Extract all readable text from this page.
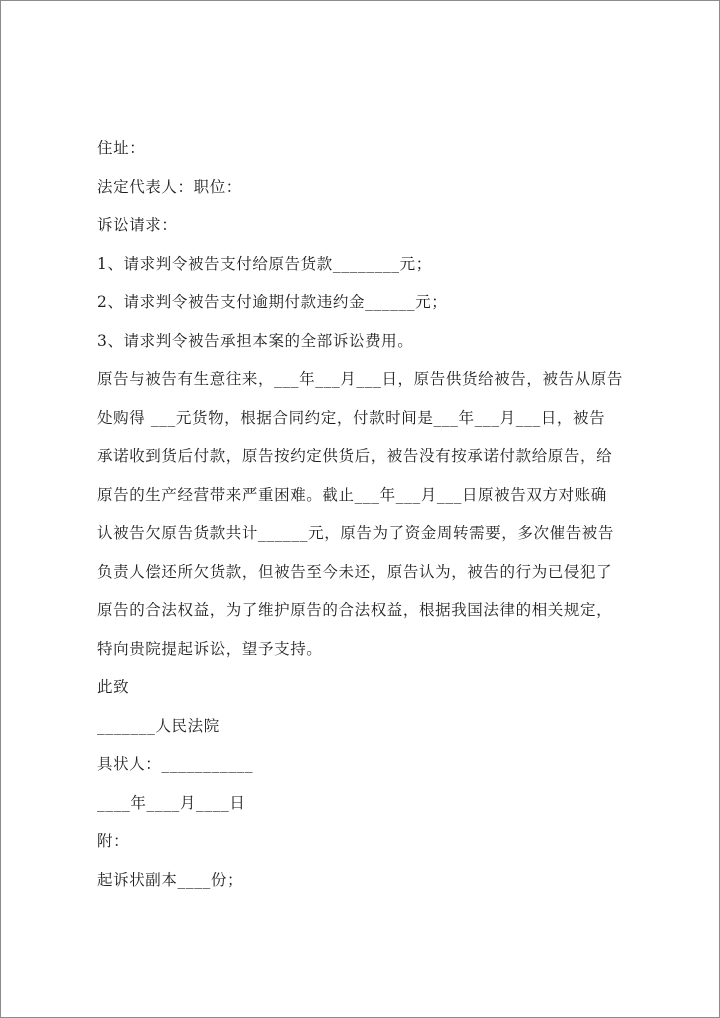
住址：
法定代表人：职位：
诉讼请求：
1、请求判令被告支付给原告货款________元；
2、请求判令被告支付逾期付款违约金______元；
3、请求判令被告承担本案的全部诉讼费用。
原告与被告有生意往来，___年___月___日，原告供货给被告，被告从原告
处购得 ___元货物，根据合同约定，付款时间是___年___月___日，被告
承诺收到货后付款，原告按约定供货后，被告没有按承诺付款给原告，给
原告的生产经营带来严重困难。截止___年___月___日原被告双方对账确
认被告欠原告货款共计______元，原告为了资金周转需要，多次催告被告
负责人偿还所欠货款，但被告至今未还，原告认为，被告的行为已侵犯了
原告的合法权益，为了维护原告的合法权益，根据我国法律的相关规定，
特向贵院提起诉讼，望予支持。
此致
_______人民法院
具状人：___________
____年____月____日
附：
起诉状副本____份；
